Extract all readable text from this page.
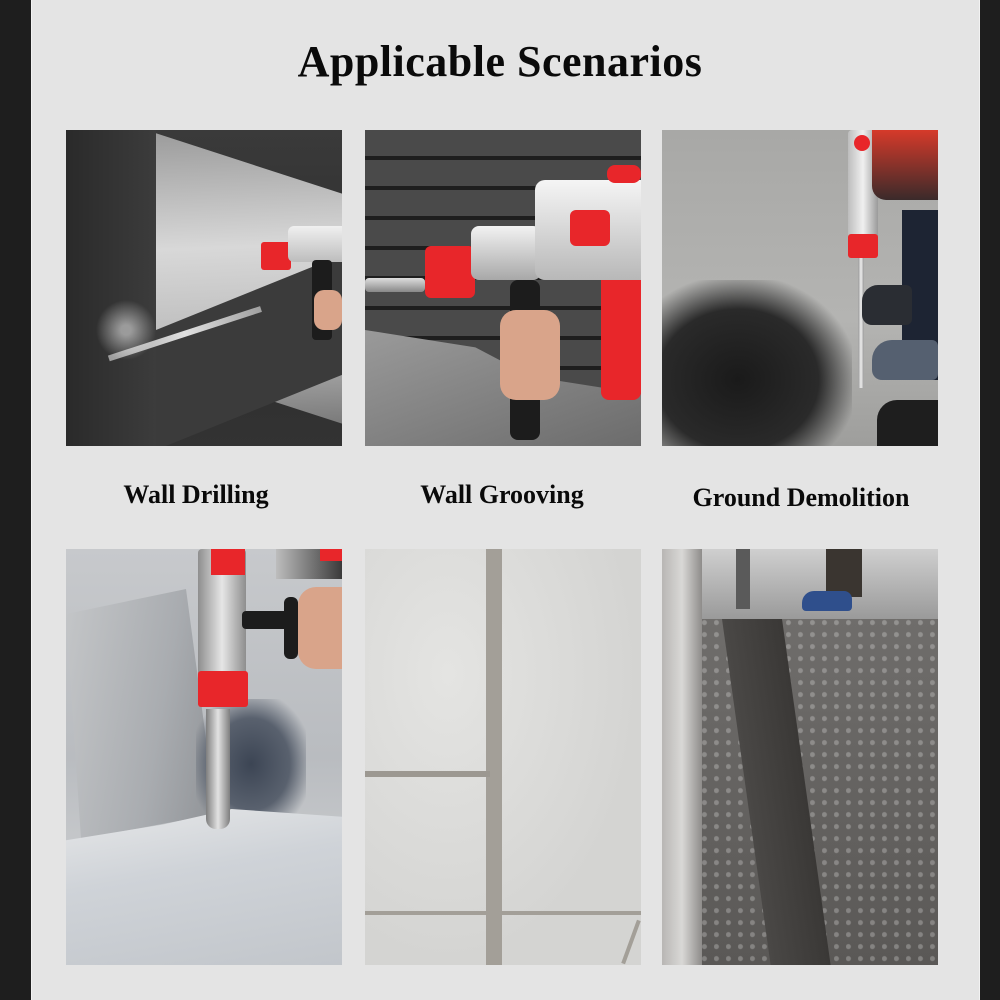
Applicable Scenarios
Wall Drilling	Wall Grooving	Ground Demolition
